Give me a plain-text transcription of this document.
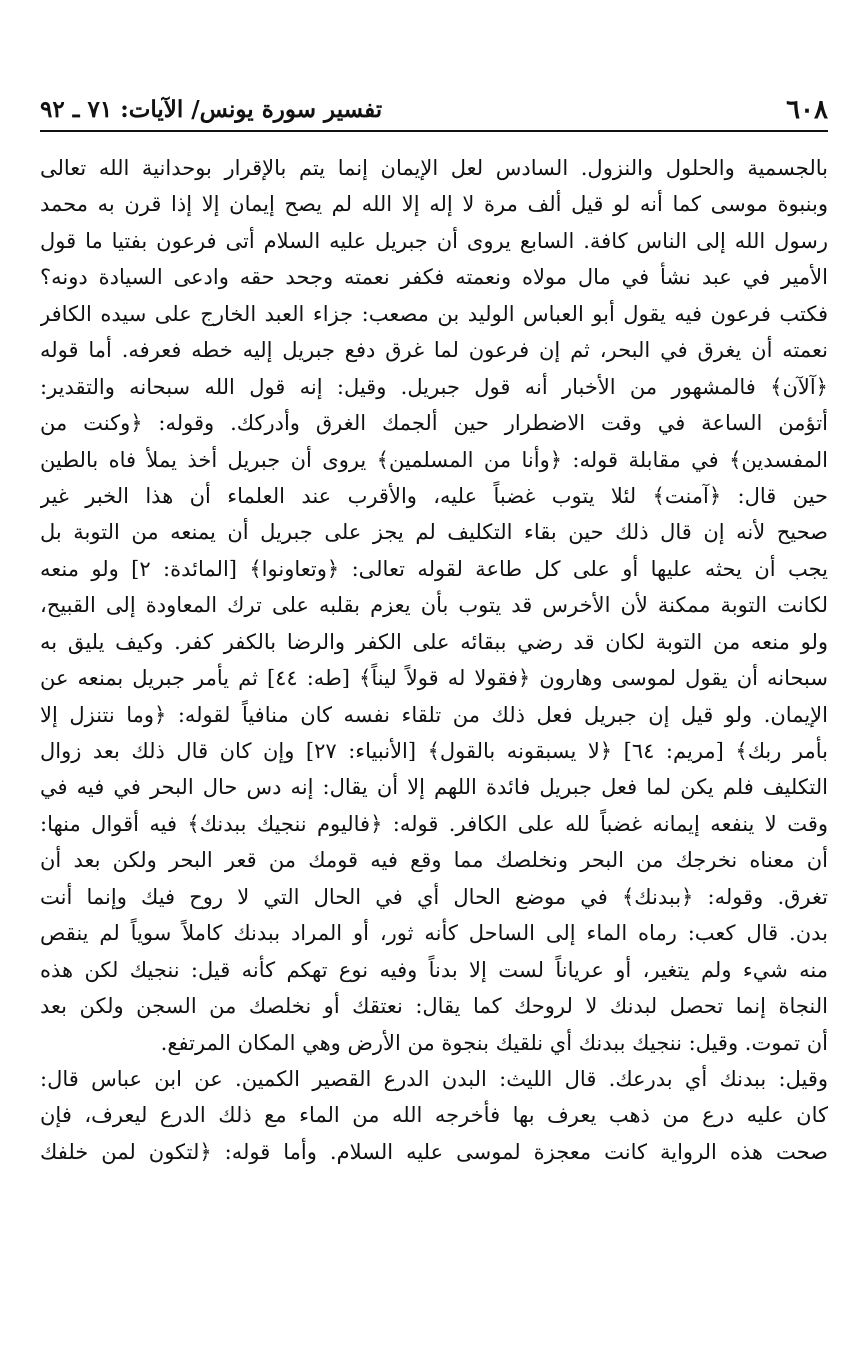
٦٠٨
تفسير سورة يونس/ الآيات: ٧١ ـ ٩٢
بالجسمية والحلول والنزول. السادس لعل الإيمان إنما يتم بالإقرار بوحدانية الله تعالى
وبنبوة موسى كما أنه لو قيل ألف مرة لا إله إلا الله لم يصح إيمان إلا إذا قرن به محمد
رسول الله إلى الناس كافة. السابع يروى أن جبريل عليه السلام أتى فرعون بفتيا ما قول
الأمير في عبد نشأ في مال مولاه ونعمته فكفر نعمته وجحد حقه وادعى السيادة دونه؟
فكتب فرعون فيه يقول أبو العباس الوليد بن مصعب: جزاء العبد الخارج على سيده الكافر
نعمته أن يغرق في البحر، ثم إن فرعون لما غرق دفع جبريل إليه خطه فعرفه. أما قوله
﴿آلآن﴾ فالمشهور من الأخبار أنه قول جبريل. وقيل: إنه قول الله سبحانه والتقدير:
أتؤمن الساعة في وقت الاضطرار حين ألجمك الغرق وأدركك. وقوله: ﴿وكنت من
المفسدين﴾ في مقابلة قوله: ﴿وأنا من المسلمين﴾ يروى أن جبريل أخذ يملأ فاه بالطين
حين قال: ﴿آمنت﴾ لئلا يتوب غضباً عليه، والأقرب عند العلماء أن هذا الخبر غير
صحيح لأنه إن قال ذلك حين بقاء التكليف لم يجز على جبريل أن يمنعه من التوبة بل
يجب أن يحثه عليها أو على كل طاعة لقوله تعالى: ﴿وتعاونوا﴾ [المائدة: ٢] ولو منعه
لكانت التوبة ممكنة لأن الأخرس قد يتوب بأن يعزم بقلبه على ترك المعاودة إلى القبيح،
ولو منعه من التوبة لكان قد رضي ببقائه على الكفر والرضا بالكفر كفر. وكيف يليق به
سبحانه أن يقول لموسى وهارون ﴿فقولا له قولاً ليناً﴾ [طه: ٤٤] ثم يأمر جبريل بمنعه عن
الإيمان. ولو قيل إن جبريل فعل ذلك من تلقاء نفسه كان منافياً لقوله: ﴿وما نتنزل إلا
بأمر ربك﴾ [مريم: ٦٤] ﴿لا يسبقونه بالقول﴾ [الأنبياء: ٢٧] وإن كان قال ذلك بعد زوال
التكليف فلم يكن لما فعل جبريل فائدة اللهم إلا أن يقال: إنه دس حال البحر في فيه في
وقت لا ينفعه إيمانه غضباً لله على الكافر. قوله: ﴿فاليوم ننجيك ببدنك﴾ فيه أقوال منها:
أن معناه نخرجك من البحر ونخلصك مما وقع فيه قومك من قعر البحر ولكن بعد أن
تغرق. وقوله: ﴿ببدنك﴾ في موضع الحال أي في الحال التي لا روح فيك وإنما أنت
بدن. قال كعب: رماه الماء إلى الساحل كأنه ثور، أو المراد ببدنك كاملاً سوياً لم ينقص
منه شيء ولم يتغير، أو عرياناً لست إلا بدناً وفيه نوع تهكم كأنه قيل: ننجيك لكن هذه
النجاة إنما تحصل لبدنك لا لروحك كما يقال: نعتقك أو نخلصك من السجن ولكن بعد
أن تموت. وقيل: ننجيك ببدنك أي نلقيك بنجوة من الأرض وهي المكان المرتفع.
وقيل: ببدنك أي بدرعك. قال الليث: البدن الدرع القصير الكمين. عن ابن عباس قال:
كان عليه درع من ذهب يعرف بها فأخرجه الله من الماء مع ذلك الدرع ليعرف، فإن
صحت هذه الرواية كانت معجزة لموسى عليه السلام. وأما قوله: ﴿لتكون لمن خلفك
